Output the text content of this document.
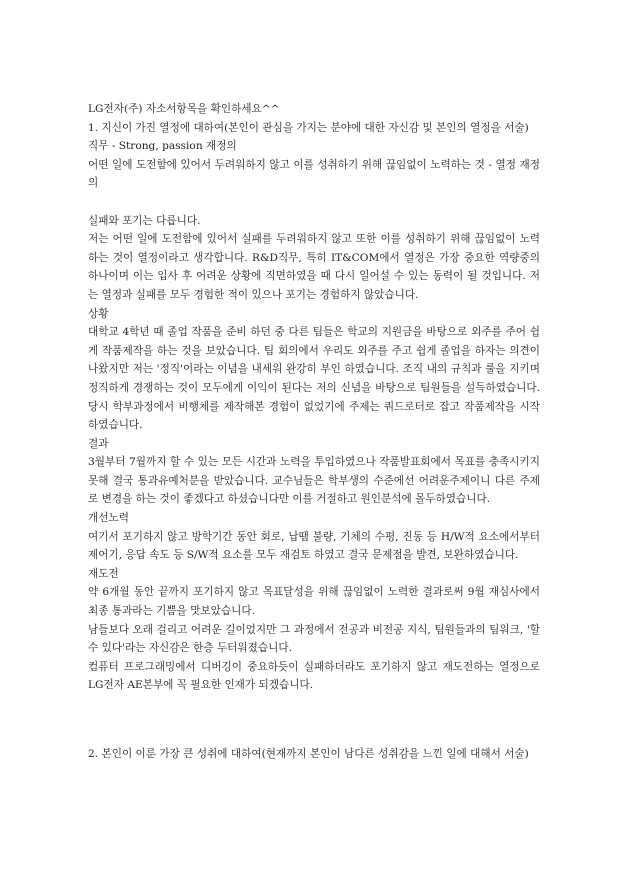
LG전자(주) 자소서항목을 확인하세요^^

1. 지신이 가진 열정에 대하여(본인이 관심을 가지는 분야에 대한 자신감 및 본인의 열정을 서술)

직무 - Strong, passion 재정의

어떤 일에 도전함에 있어서 두려워하지 않고 이를 성취하기 위해 끊임없이 노력하는 것 - 열정 재정의

실패와 포기는 다릅니다.

저는 어떤 일에 도전함에 있어서 실패를 두려워하지 않고 또한 이를 성취하기 위해 끊임없이 노력하는 것이 열정이라고 생각합니다. R&D직무, 특히 IT&COM에서 열정은 가장 중요한 역량중의 하나이며 이는 입사 후 어려운 상황에 직면하였을 때 다시 일어설 수 있는 동력이 될 것입니다. 저는 열정과 실패를 모두 경험한 적이 있으나 포기는 경험하지 않았습니다.

상황

대학교 4학년 때 졸업 작품을 준비 하던 중 다른 팀들은 학교의 지원금을 바탕으로 외주를 주어 쉽게 작품제작을 하는 것을 보았습니다. 팀 회의에서 우리도 외주를 주고 쉽게 졸업을 하자는 의견이 나왔지만 저는 '정직'이라는 이념을 내세워 완강히 부인 하였습니다. 조직 내의 규칙과 룰을 지키며 정직하게 경쟁하는 것이 모두에게 이익이 된다는 저의 신념을 바탕으로 팀원들을 설득하였습니다. 당시 학부과정에서 비행체를 제작해본 경험이 없었기에 주제는 쿼드로터로 잡고 작품제작을 시작하였습니다.

결과

3월부터 7월까지 할 수 있는 모든 시간과 노력을 투입하였으나 작품발표회에서 목표를 충족시키지 못해 결국 통과유예처분을 받았습니다. 교수님들은 학부생의 수준에선 어려운주제이니 다른 주제로 변경을 하는 것이 좋겠다고 하셨습니다만 이를 거절하고 원인분석에 몰두하였습니다.

개선노력

여기서 포기하지 않고 방학기간 동안 회로, 납땜 불량, 기체의 수평, 진동 등 H/W적 요소에서부터 제어기, 응답 속도 등 S/W적 요소를 모두 재검토 하였고 결국 문제점을 발견, 보완하였습니다.

재도전

약 6개월 동안 끝까지 포기하지 않고 목표달성을 위해 끊임없이 노력한 결과로써 9월 재심사에서 최종 통과라는 기쁨을 맛보았습니다.

남들보다 오래 걸리고 어려운 길이었지만 그 과정에서 전공과 비전공 지식, 팀원들과의 팀워크, '할 수 있다'라는 자신감은 한층 두터워졌습니다.

컴퓨터 프로그래밍에서 디버깅이 중요하듯이 실패하더라도 포기하지 않고 재도전하는 열정으로 LG전자 AE본부에 꼭 필요한 인재가 되겠습니다.

2. 본인이 이룬 가장 큰 성취에 대하여(현재까지 본인이 남다른 성취감을 느낀 일에 대해서 서술)
